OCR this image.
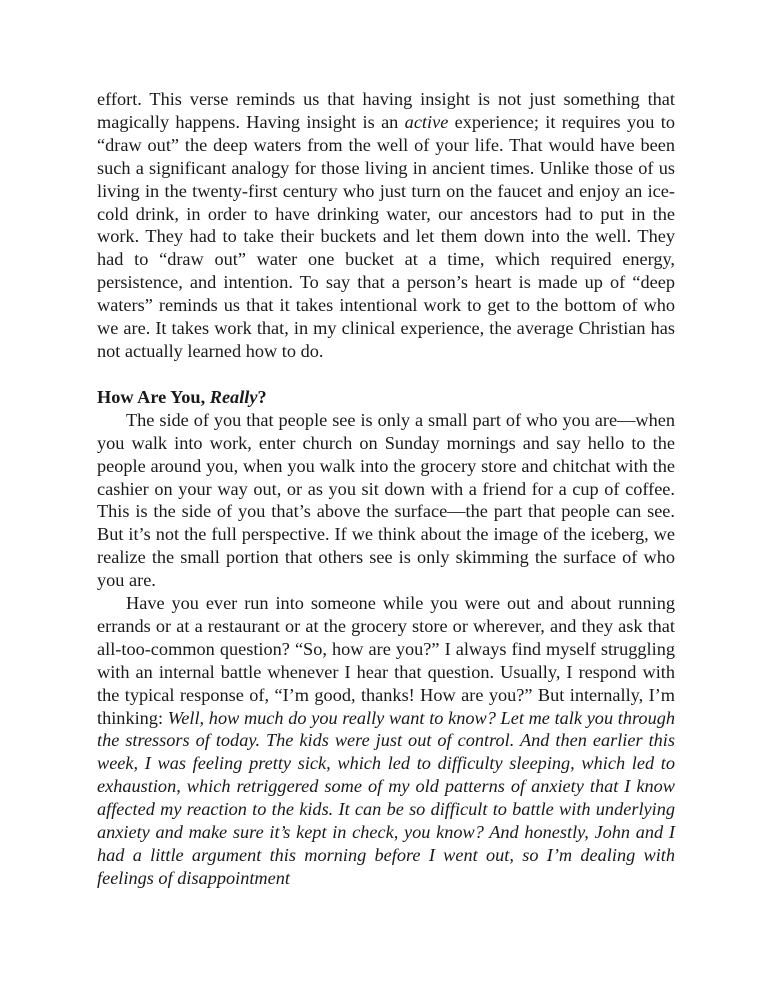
effort. This verse reminds us that having insight is not just something that magically happens. Having insight is an active experience; it requires you to “draw out” the deep waters from the well of your life. That would have been such a significant analogy for those living in ancient times. Unlike those of us living in the twenty-first century who just turn on the faucet and enjoy an ice-cold drink, in order to have drinking water, our ancestors had to put in the work. They had to take their buckets and let them down into the well. They had to “draw out” water one bucket at a time, which required energy, persistence, and intention. To say that a person’s heart is made up of “deep waters” reminds us that it takes intentional work to get to the bottom of who we are. It takes work that, in my clinical experience, the average Christian has not actually learned how to do.

How Are You, Really?

The side of you that people see is only a small part of who you are—when you walk into work, enter church on Sunday mornings and say hello to the people around you, when you walk into the grocery store and chitchat with the cashier on your way out, or as you sit down with a friend for a cup of coffee. This is the side of you that’s above the surface—the part that people can see. But it’s not the full perspective. If we think about the image of the iceberg, we realize the small portion that others see is only skimming the surface of who you are.

Have you ever run into someone while you were out and about running errands or at a restaurant or at the grocery store or wherever, and they ask that all-too-common question? “So, how are you?” I always find myself struggling with an internal battle whenever I hear that question. Usually, I respond with the typical response of, “I’m good, thanks! How are you?” But internally, I’m thinking: Well, how much do you really want to know? Let me talk you through the stressors of today. The kids were just out of control. And then earlier this week, I was feeling pretty sick, which led to difficulty sleeping, which led to exhaustion, which retriggered some of my old patterns of anxiety that I know affected my reaction to the kids. It can be so difficult to battle with underlying anxiety and make sure it’s kept in check, you know? And honestly, John and I had a little argument this morning before I went out, so I’m dealing with feelings of disappointment
